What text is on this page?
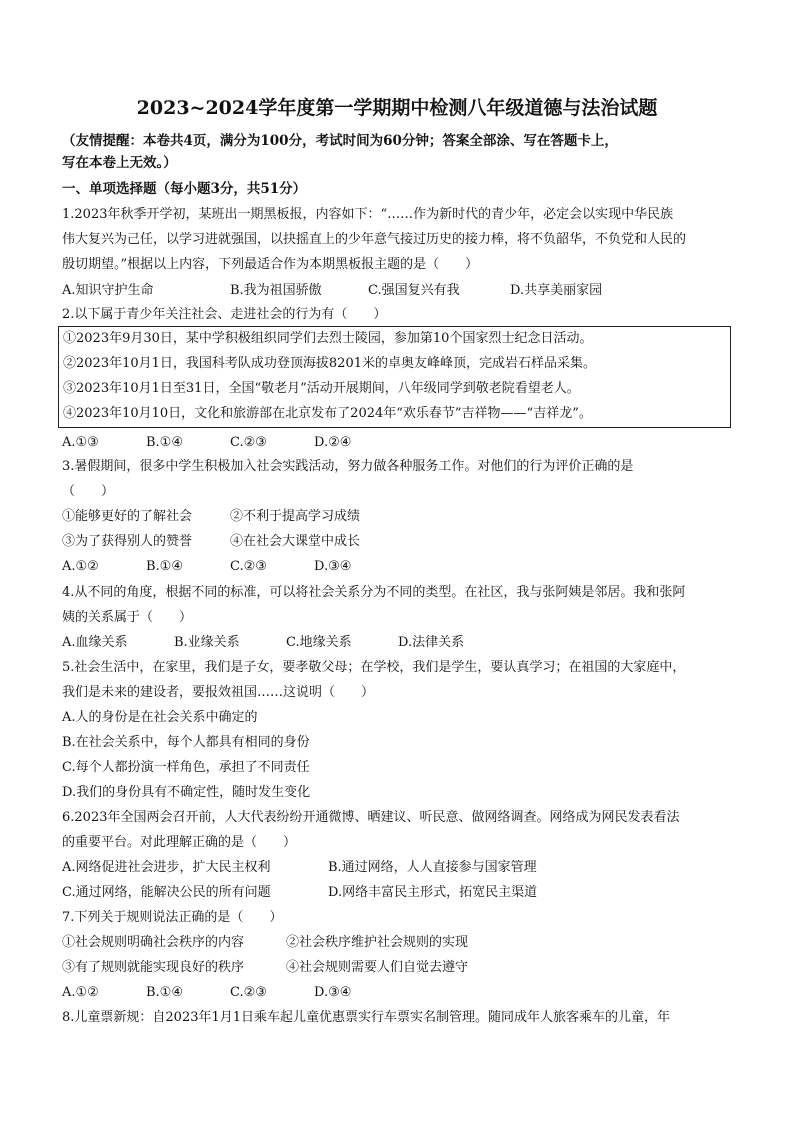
2023~2024学年度第一学期期中检测八年级道德与法治试题
（友情提醒：本卷共4页，满分为100分，考试时间为60分钟；答案全部涂、写在答题卡上，
写在本卷上无效。）
一、单项选择题（每小题3分，共51分）
1.2023年秋季开学初，某班出一期黑板报，内容如下：“……作为新时代的青少年，必定会以实现中华民族
伟大复兴为己任，以学习进就强国，以抉摇直上的少年意气接过历史的接力棒，将不负韶华，不负党和人民的
殷切期望。”根据以上内容，下列最适合作为本期黑板报主题的是（　　）
A.知识守护生命	B.我为祖国骄傲	C.强国复兴有我	D.共享美丽家园
2.以下属于青少年关注社会、走进社会的行为有（　　）
①2023年9月30日，某中学积极组织同学们去烈士陵园，参加第10个国家烈士纪念日活动。
②2023年10月1日，我国科考队成功登顶海拔8201米的卓奥友峰峰顶，完成岩石样品采集。
③2023年10月1日至31日，全国“敬老月”活动开展期间，八年级同学到敬老院看望老人。
④2023年10月10日，文化和旅游部在北京发布了2024年“欢乐春节”吉祥物——“吉祥龙”。
A.①③	B.①④	C.②③	D.②④
3.暑假期间，很多中学生积极加入社会实践活动，努力做各种服务工作。对他们的行为评价正确的是
（　　）
①能够更好的了解社会	②不利于提高学习成绩
③为了获得别人的赞誉	④在社会大课堂中成长
A.①②	B.①④	C.②③	D.③④
4.从不同的角度，根据不同的标准，可以将社会关系分为不同的类型。在社区，我与张阿姨是邻居。我和张阿
姨的关系属于（　　）
A.血缘关系	B.业缘关系	C.地缘关系	D.法律关系
5.社会生活中，在家里，我们是子女，要孝敬父母；在学校，我们是学生，要认真学习；在祖国的大家庭中，
我们是未来的建设者，要报效祖国……这说明（　　）
A.人的身份是在社会关系中确定的
B.在社会关系中，每个人都具有相同的身份
C.每个人都扮演一样角色，承担了不同责任
D.我们的身份具有不确定性，随时发生变化
6.2023年全国两会召开前，人大代表纷纷开通微博、晒建议、听民意、做网络调查。网络成为网民发表看法
的重要平台。对此理解正确的是（　　）
A.网络促进社会进步，扩大民主权利	B.通过网络，人人直接参与国家管理
C.通过网络，能解决公民的所有问题	D.网络丰富民主形式，拓宽民主渠道
7.下列关于规则说法正确的是（　　）
①社会规则明确社会秩序的内容	②社会秩序维护社会规则的实现
③有了规则就能实现良好的秩序	④社会规则需要人们自觉去遵守
A.①②	B.①④	C.②③	D.③④
8.儿童票新规：自2023年1月1日乘车起儿童优惠票实行车票实名制管理。随同成年人旅客乘车的儿童，年
